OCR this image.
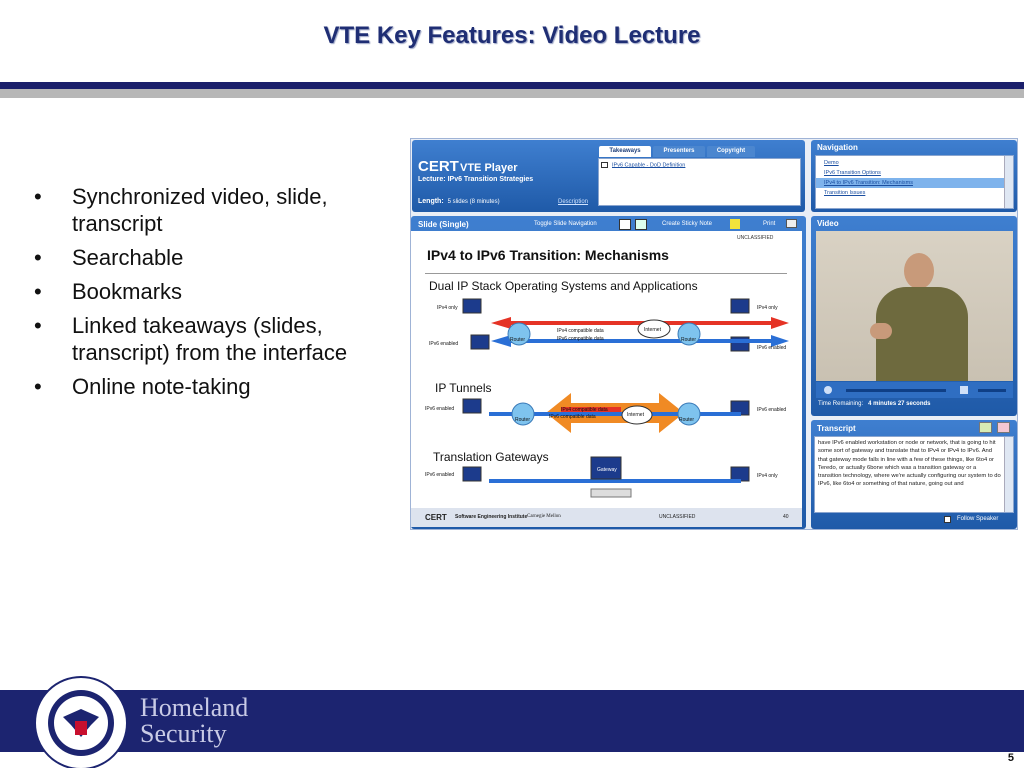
VTE Key Features: Video Lecture
• Synchronized video, slide, transcript
• Searchable
• Bookmarks
• Linked takeaways (slides, transcript) from the interface
• Online note-taking
CERT VTE Player
Lecture: IPv6 Transition Strategies
Length: 5 slides (8 minutes)	Description
Takeaways	Presenters	Copyright
IPv6 Capable - DoD Definition
Navigation
Demo
IPv6 Transition Options
IPv4 to IPv6 Transition: Mechanisms
Transition Issues
Slide (Single)	Toggle Slide Navigation	Create Sticky Note	Print
UNCLASSIFIED
IPv4 to IPv6 Transition: Mechanisms
Dual IP Stack Operating Systems and Applications
IPv4 only
IPv6 enabled
IPv4 only
IPv6 enabled
Router	Router
Internet
IPv4 compatible data
IPv6 compatible data
IP Tunnels
IPv6 enabled	IPv6 enabled
IPv4 compatible data
IPv6 compatible data
Router	Router
Internet
Translation Gateways
IPv6 enabled	IPv4 only
Gateway
CERT Software Engineering Institute Carnegie Mellon	UNCLASSIFIED	40
Video
Time Remaining: 4 minutes 27 seconds
Transcript
have IPv6 enabled workstation or node or network, that is going to hit some sort of gateway and translate that to IPv4 or IPv4 to IPv6. And that gateway mode falls in line with a few of these things, like 6to4 or Teredo, or actually 6bone which was a transition gateway or a transition technology, where we're actually configuring our system to do IPv6, like 6to4 or something of that nature, going out and
Follow Speaker
Homeland
Security
5
